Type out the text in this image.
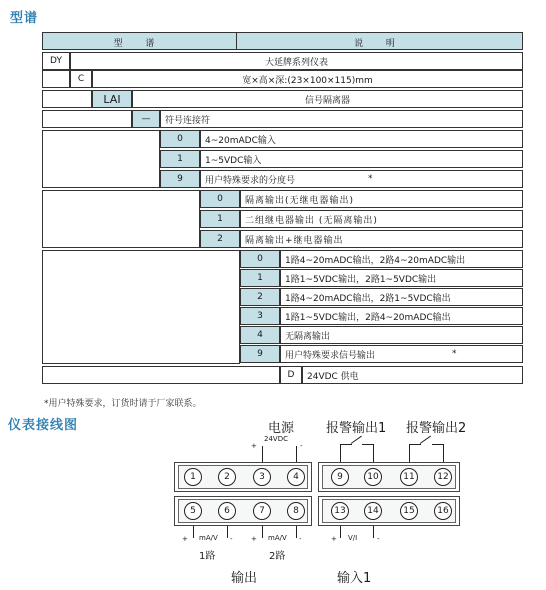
型谱
型 谱	说 明
DY	大延牌系列仪表
C	宽×高×深:(23×100×115)mm
LAI	信号隔离器
—	符号连接符
0	4~20mADC输入
1	1~5VDC输入
9	用户特殊要求的分度号	*
0	隔离输出(无继电器输出)
1	二组继电器输出 (无隔离输出)
2	隔离输出+继电器输出
0	1路4~20mADC输出，2路4~20mADC输出
1	1路1~5VDC输出，2路1~5VDC输出
2	1路4~20mADC输出，2路1~5VDC输出
3	1路1~5VDC输出，2路4~20mADC输出
4	无隔离输出
9	用户特殊要求信号输出	*
D	24VDC 供电
*用户特殊要求，订货时请于厂家联系。
仪表接线图	电源
24VDC
+	-
报警输出1 报警输出2
1	2	3	4	9	10	11	12
5	6	7	8	13	14	15	16
+ mA/V -	+ mA/V -	+ V/I	-
1路	2路
输出	输入1
